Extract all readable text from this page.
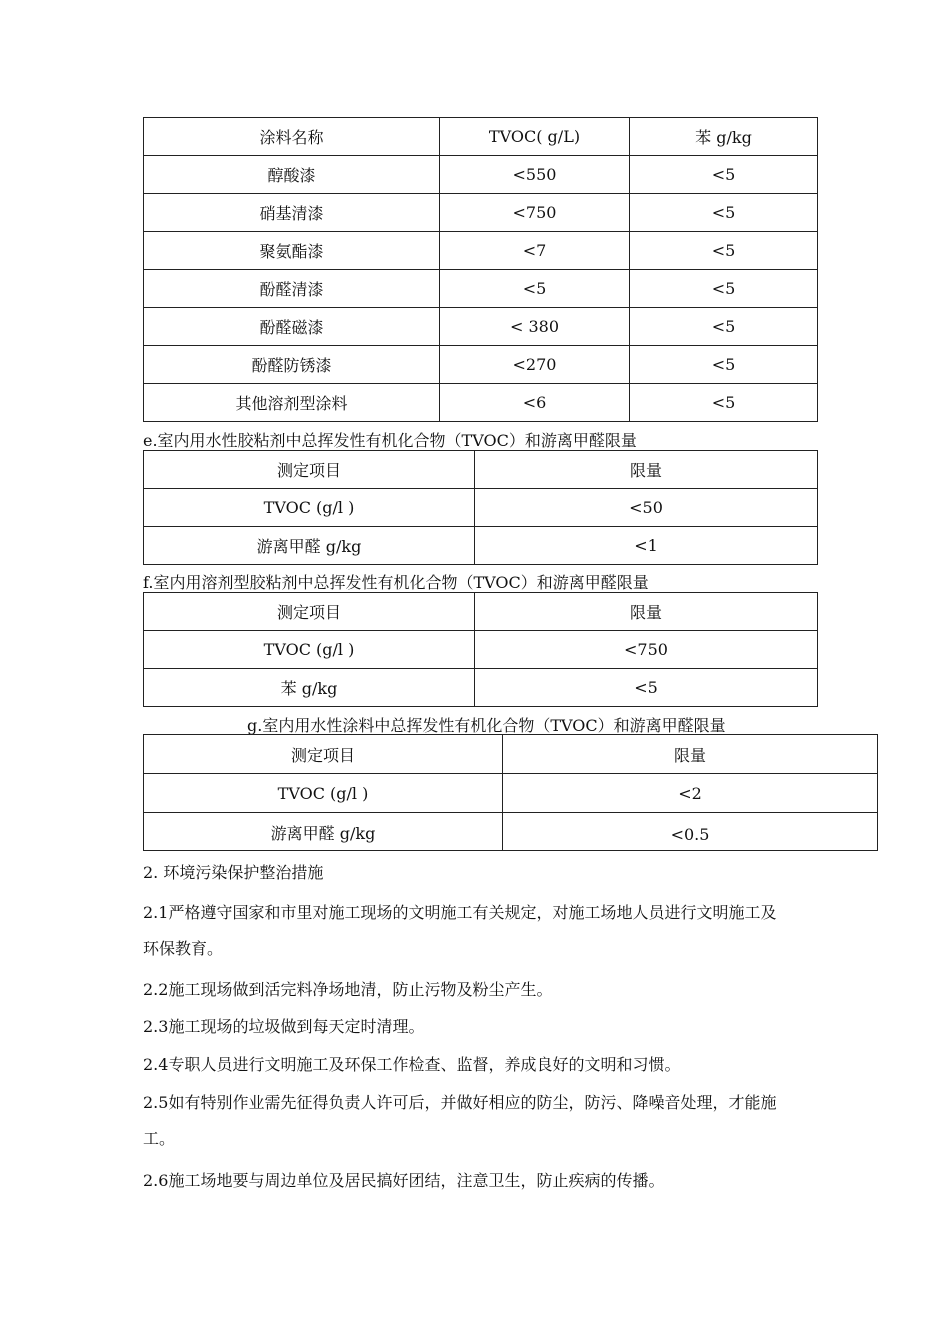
涂料名称	TVOC( g/L)	苯 g/kg
醇酸漆	<550	<5
硝基清漆	<750	<5
聚氨酯漆	<7	<5
酚醛清漆	<5	<5
酚醛磁漆	< 380	<5
酚醛防锈漆	<270	<5
其他溶剂型涂料	<6	<5
e.室内用水性胶粘剂中总挥发性有机化合物（TVOC）和游离甲醛限量
测定项目	限量
TVOC (g/l )	<50
游离甲醛 g/kg	<1
f.室内用溶剂型胶粘剂中总挥发性有机化合物（TVOC）和游离甲醛限量
测定项目	限量
TVOC (g/l )	<750
苯 g/kg	<5
g.室内用水性涂料中总挥发性有机化合物（TVOC）和游离甲醛限量
测定项目	限量
TVOC (g/l )	<2
游离甲醛 g/kg	<0.5
2. 环境污染保护整治措施
2.1严格遵守国家和市里对施工现场的文明施工有关规定，对施工场地人员进行文明施工及
环保教育。
2.2施工现场做到活完料净场地清，防止污物及粉尘产生。
2.3施工现场的垃圾做到每天定时清理。
2.4专职人员进行文明施工及环保工作检查、监督，养成良好的文明和习惯。
2.5如有特别作业需先征得负责人许可后，并做好相应的防尘，防污、降噪音处理，才能施
工。
2.6施工场地要与周边单位及居民搞好团结，注意卫生，防止疾病的传播。
